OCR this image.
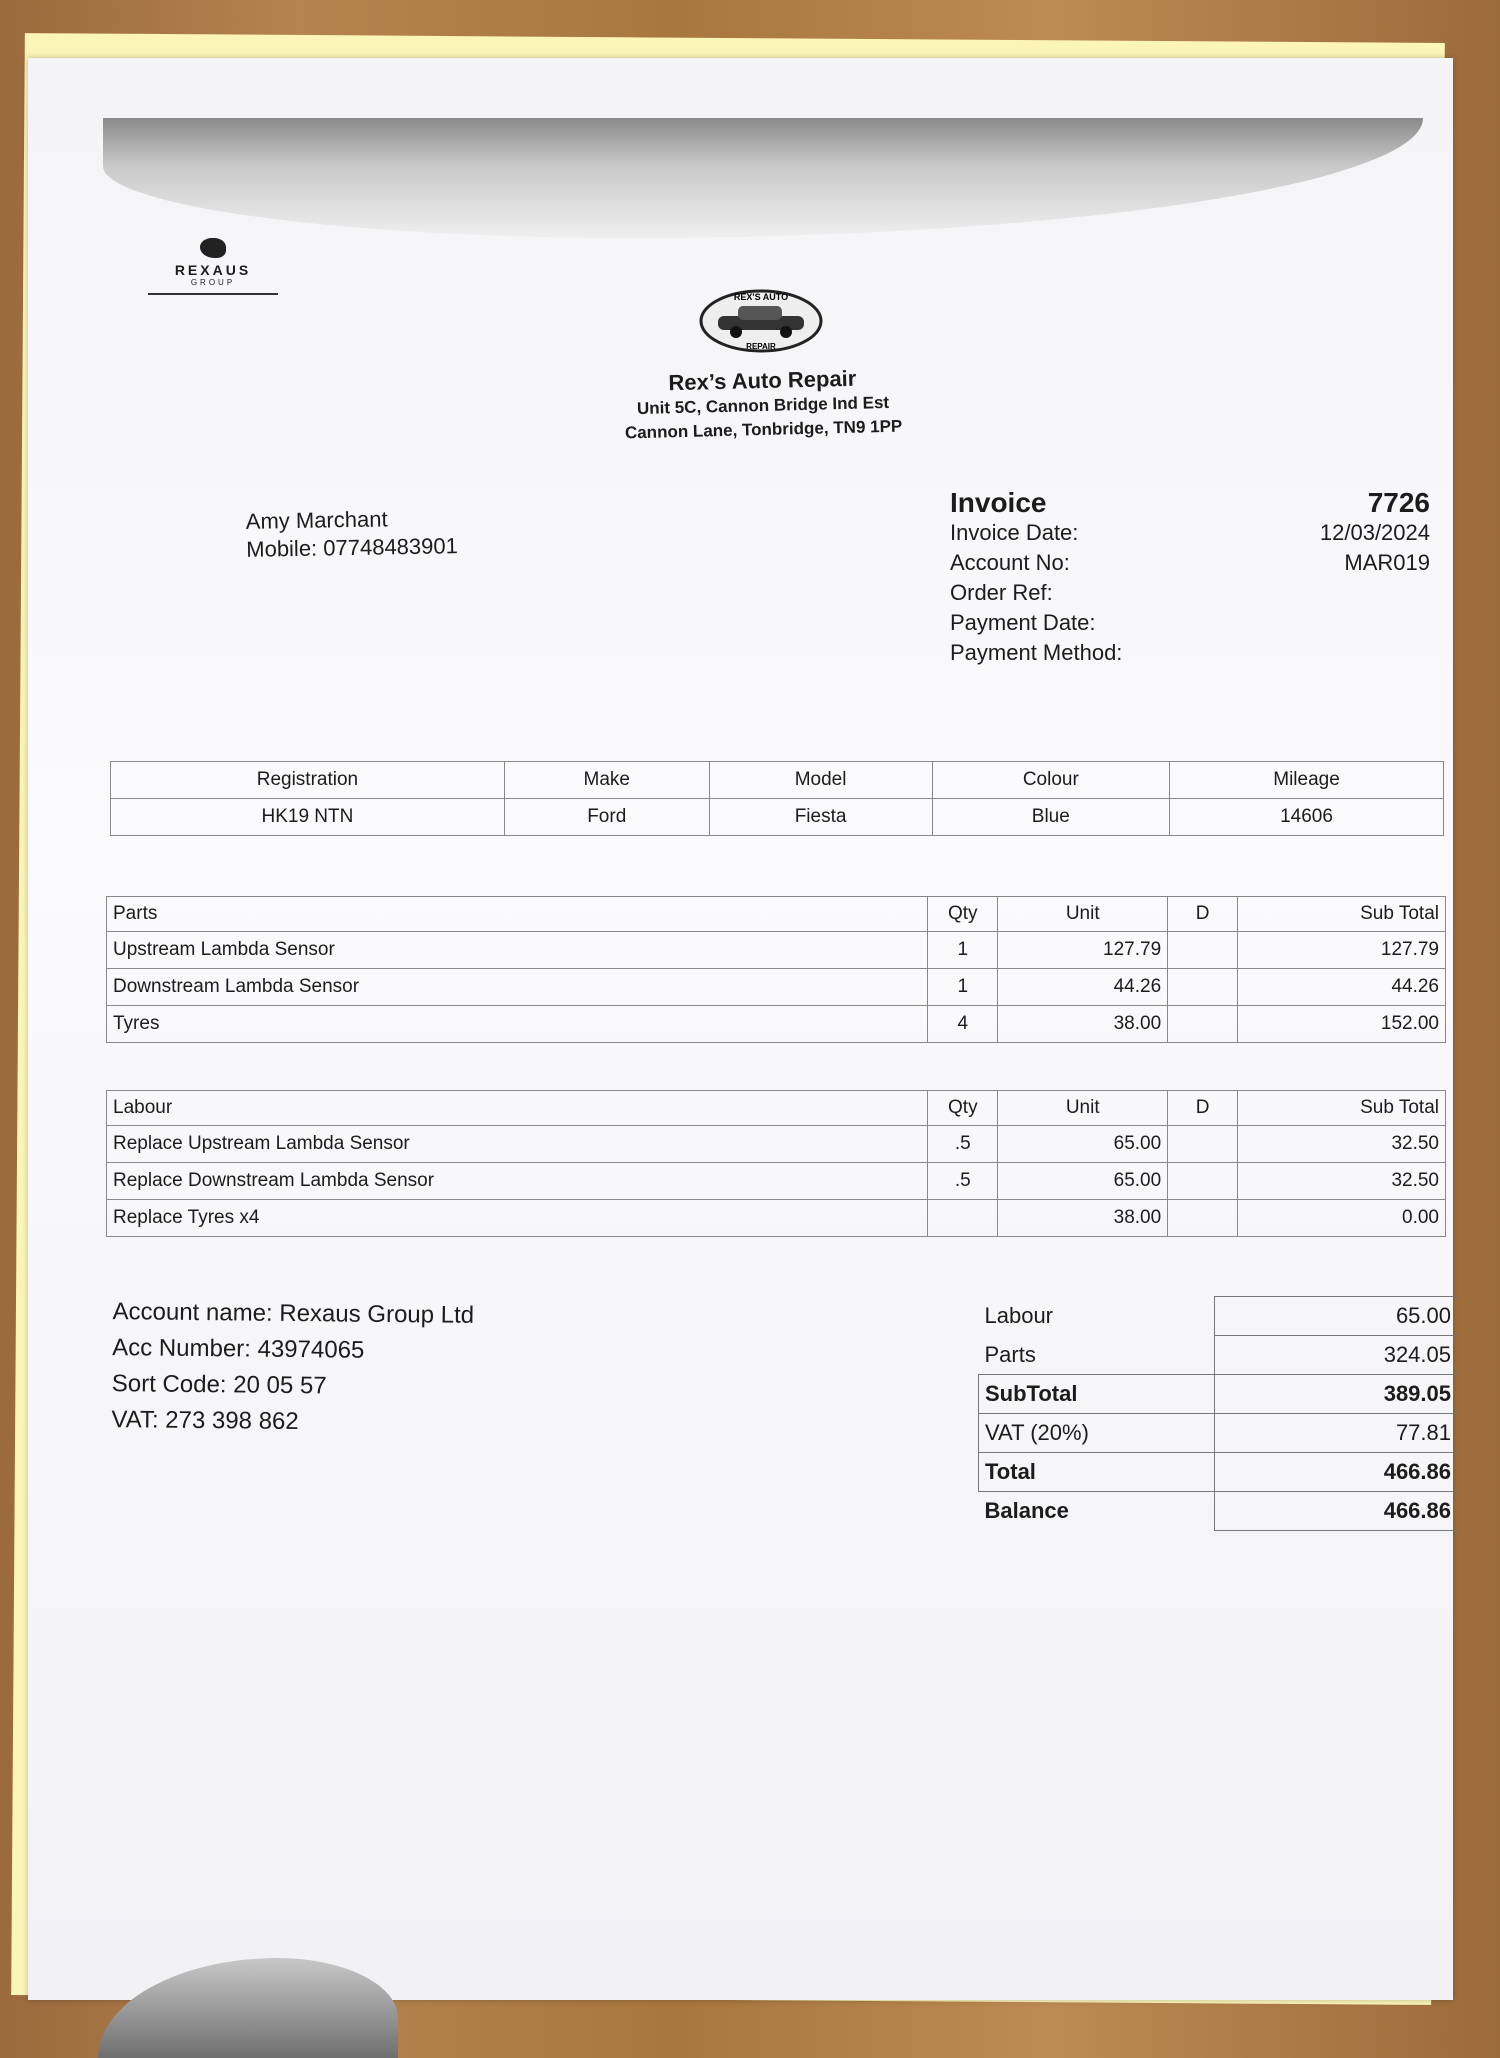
REXAUS
GROUP
REX'S AUTO
REPAIR
Rex’s Auto Repair
Unit 5C, Cannon Bridge Ind Est
Cannon Lane, Tonbridge, TN9 1PP
Amy Marchant
Mobile: 07748483901
Invoice	7726
Invoice Date:	12/03/2024
Account No:	MAR019
Order Ref:
Payment Date:
Payment Method:
Registration	Make	Model	Colour	Mileage
HK19 NTN	Ford	Fiesta	Blue	14606
Parts	Qty	Unit	D	Sub Total
Upstream Lambda Sensor	1	127.79		127.79
Downstream Lambda Sensor	1	44.26		44.26
Tyres	4	38.00		152.00
Labour	Qty	Unit	D	Sub Total
Replace Upstream Lambda Sensor	.5	65.00		32.50
Replace Downstream Lambda Sensor	.5	65.00		32.50
Replace Tyres x4		38.00		0.00
Account name: Rexaus Group Ltd
Acc Number: 43974065
Sort Code: 20 05 57
VAT: 273 398 862
Labour	65.00
Parts	324.05
SubTotal	389.05
VAT (20%)	77.81
Total	466.86
Balance	466.86
